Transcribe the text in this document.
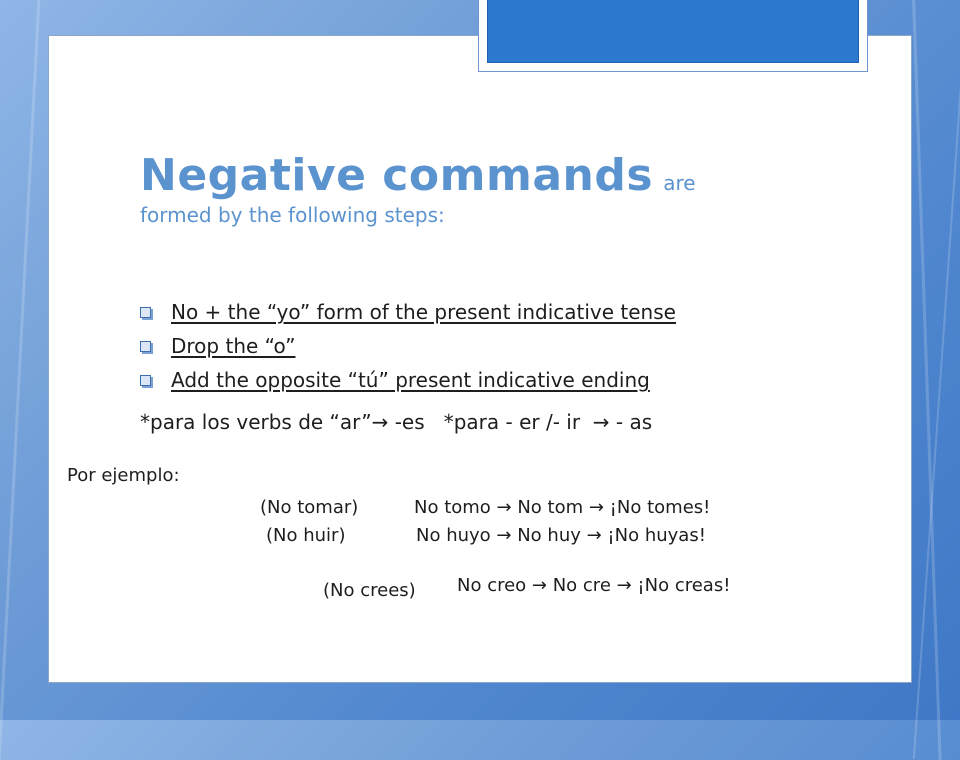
Negative commands are
formed by the following steps:
No + the “yo” form of the present indicative tense
Drop the “o”
Add the opposite “tú” present indicative ending
*para los verbs de “ar”→ -es   *para - er /- ir  → - as
Por ejemplo:
(No tomar)	No tomo → No tom → ¡No tomes!
(No huir)	No huyo → No huy → ¡No huyas!
(No crees) No creo → No cre → ¡No creas!
